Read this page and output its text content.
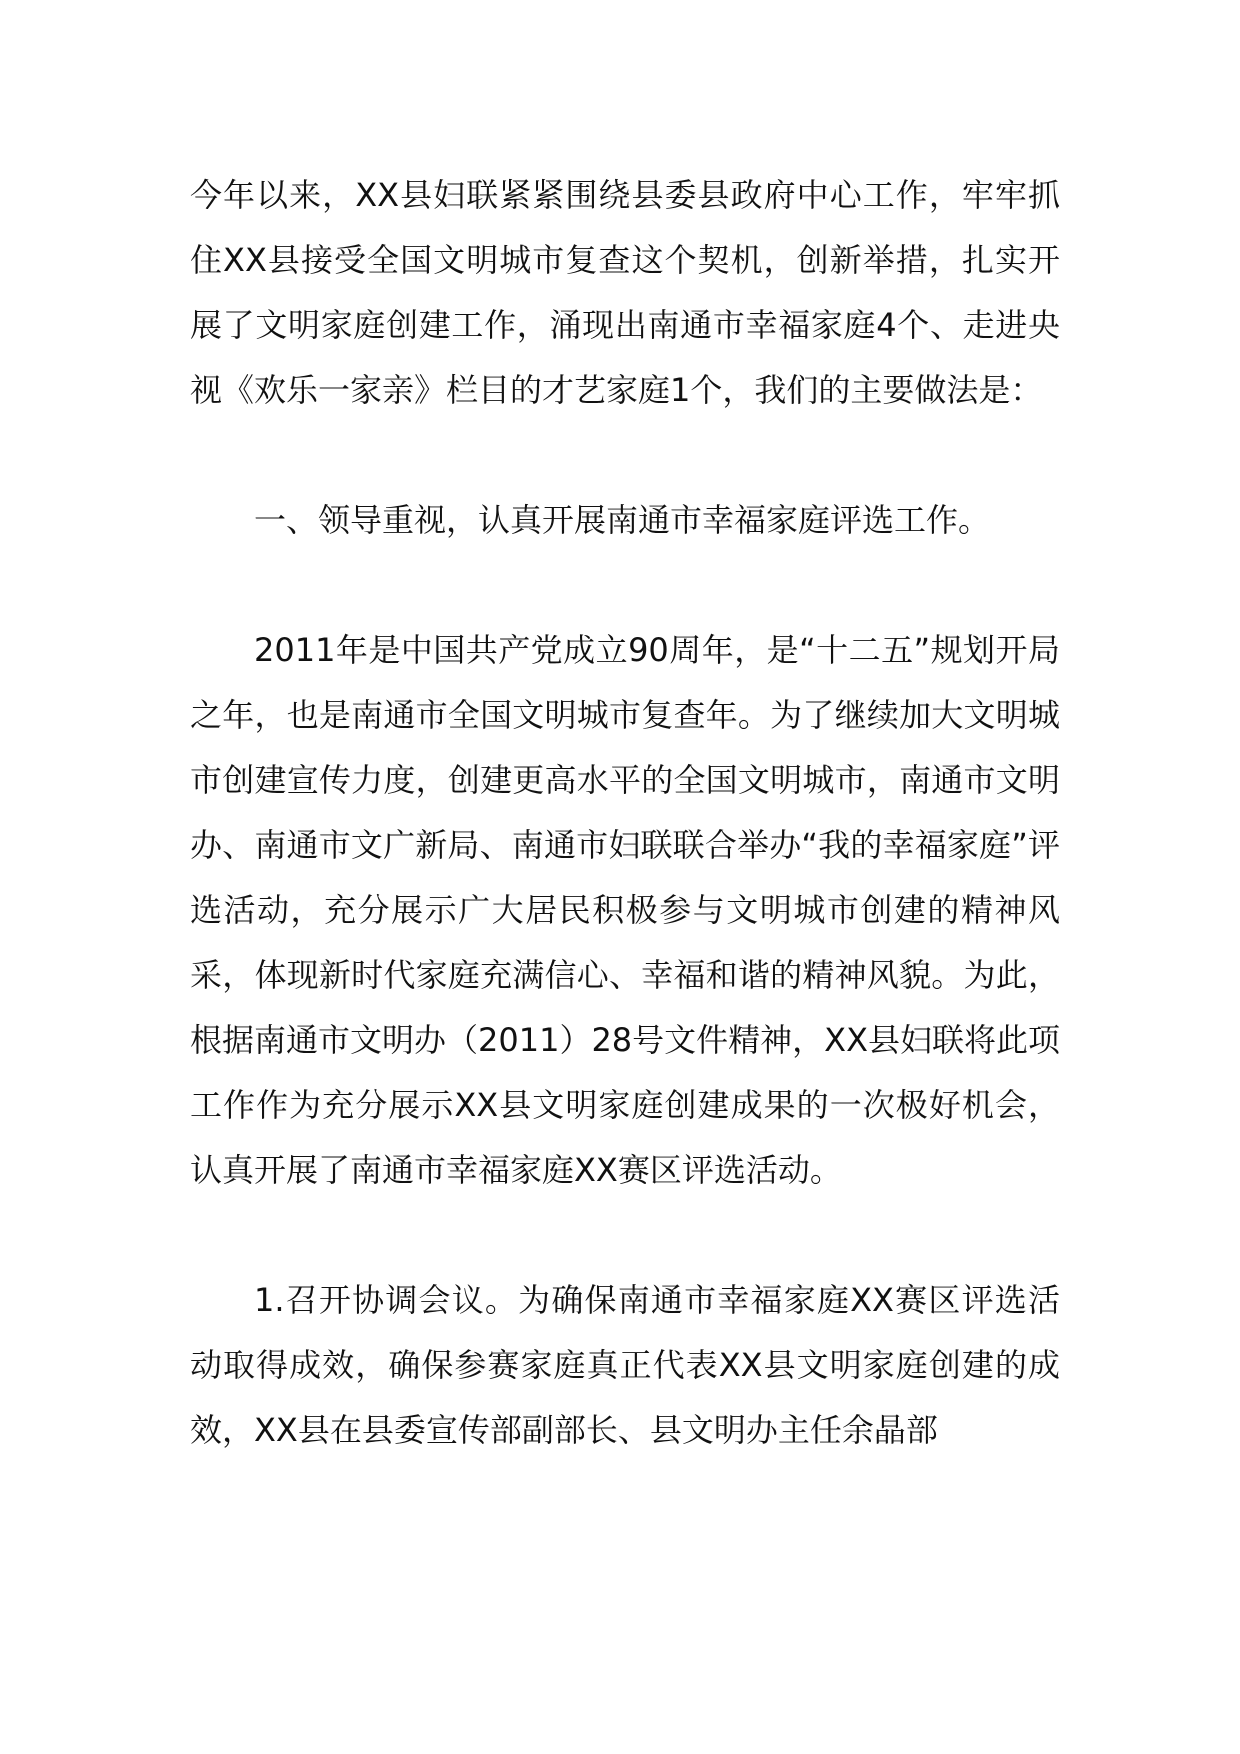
今年以来，XX县妇联紧紧围绕县委县政府中心工作，牢牢抓住XX县接受全国文明城市复查这个契机，创新举措，扎实开展了文明家庭创建工作，涌现出南通市幸福家庭4个、走进央视《欢乐一家亲》栏目的才艺家庭1个，我们的主要做法是：

一、领导重视，认真开展南通市幸福家庭评选工作。

2011年是中国共产党成立90周年，是“十二五”规划开局之年，也是南通市全国文明城市复查年。为了继续加大文明城市创建宣传力度，创建更高水平的全国文明城市，南通市文明办、南通市文广新局、南通市妇联联合举办“我的幸福家庭”评选活动，充分展示广大居民积极参与文明城市创建的精神风采，体现新时代家庭充满信心、幸福和谐的精神风貌。为此，根据南通市文明办（2011）28号文件精神，XX县妇联将此项工作作为充分展示XX县文明家庭创建成果的一次极好机会，认真开展了南通市幸福家庭XX赛区评选活动。

1.召开协调会议。为确保南通市幸福家庭XX赛区评选活动取得成效，确保参赛家庭真正代表XX县文明家庭创建的成效，XX县在县委宣传部副部长、县文明办主任余晶部
